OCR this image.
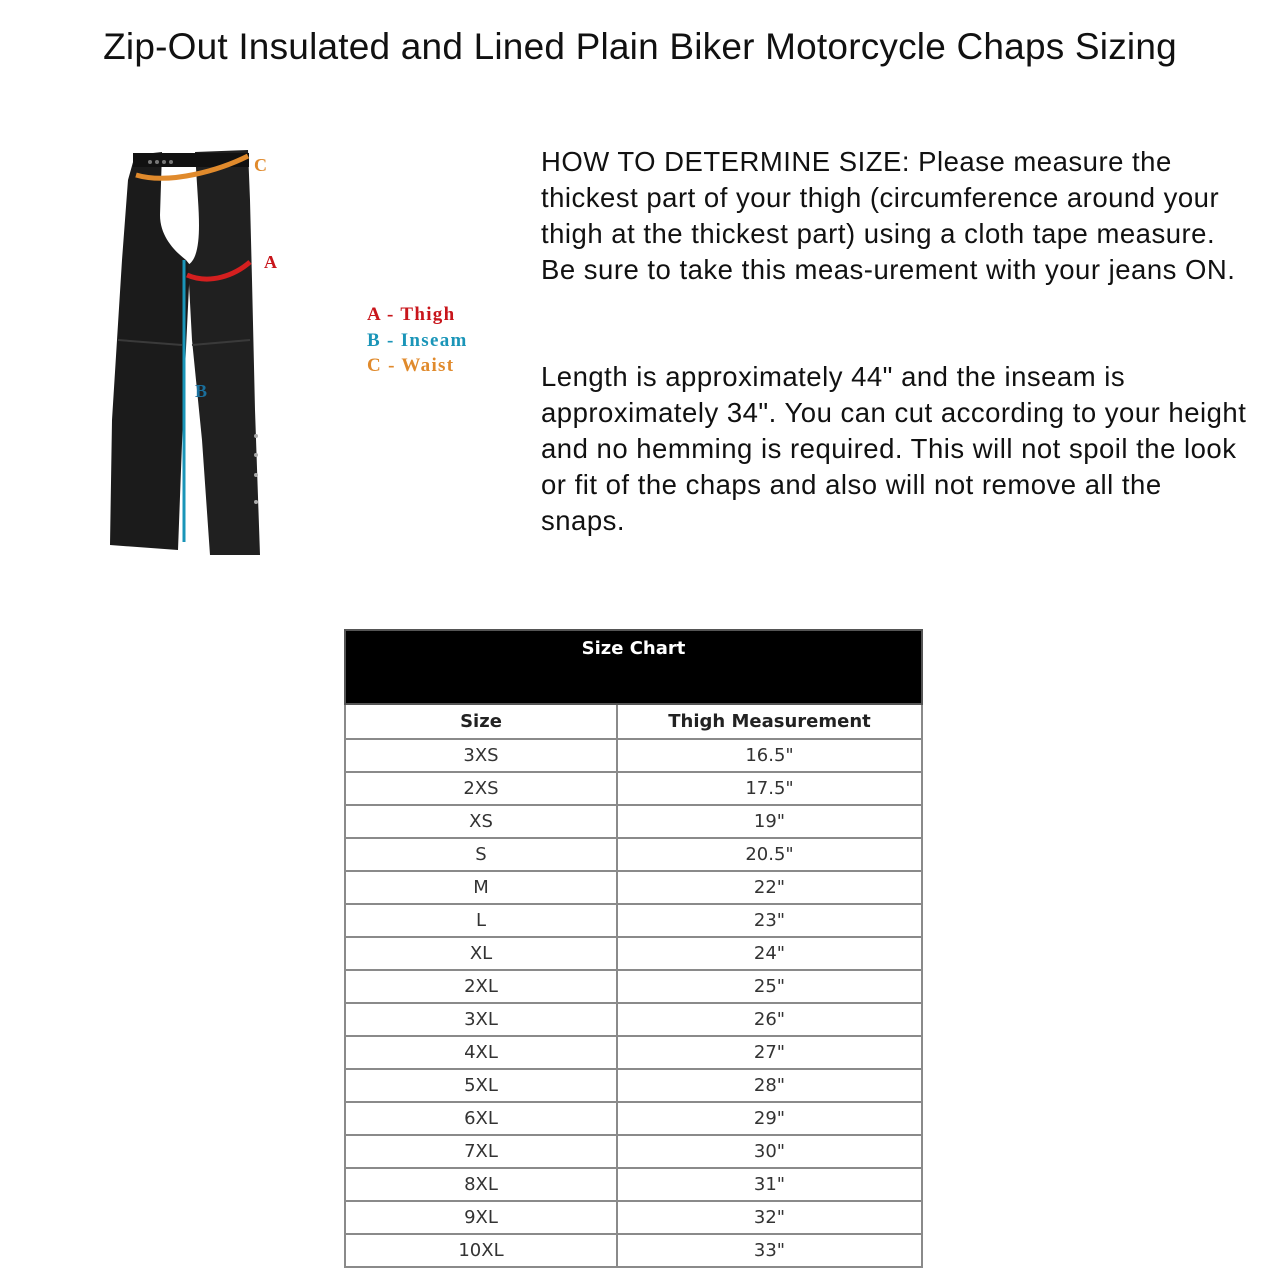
Zip-Out Insulated and Lined Plain Biker Motorcycle Chaps Sizing
C
A
B
A - Thigh
B - Inseam
C - Waist
HOW TO DETERMINE SIZE: Please measure the thickest part of your thigh (circumference around your thigh at the thickest part) using a cloth tape measure. Be sure to take this meas-urement with your jeans ON.
Length is approximately 44" and the inseam is approximately 34". You can cut according to your height and no hemming is required. This will not spoil the look or fit of the chaps and also will not remove all the snaps.
Size Chart	
Size	Thigh Measurement
3XS	16.5"
2XS	17.5"
XS	19"
S	20.5"
M	22"
L	23"
XL	24"
2XL	25"
3XL	26"
4XL	27"
5XL	28"
6XL	29"
7XL	30"
8XL	31"
9XL	32"
10XL	33"
